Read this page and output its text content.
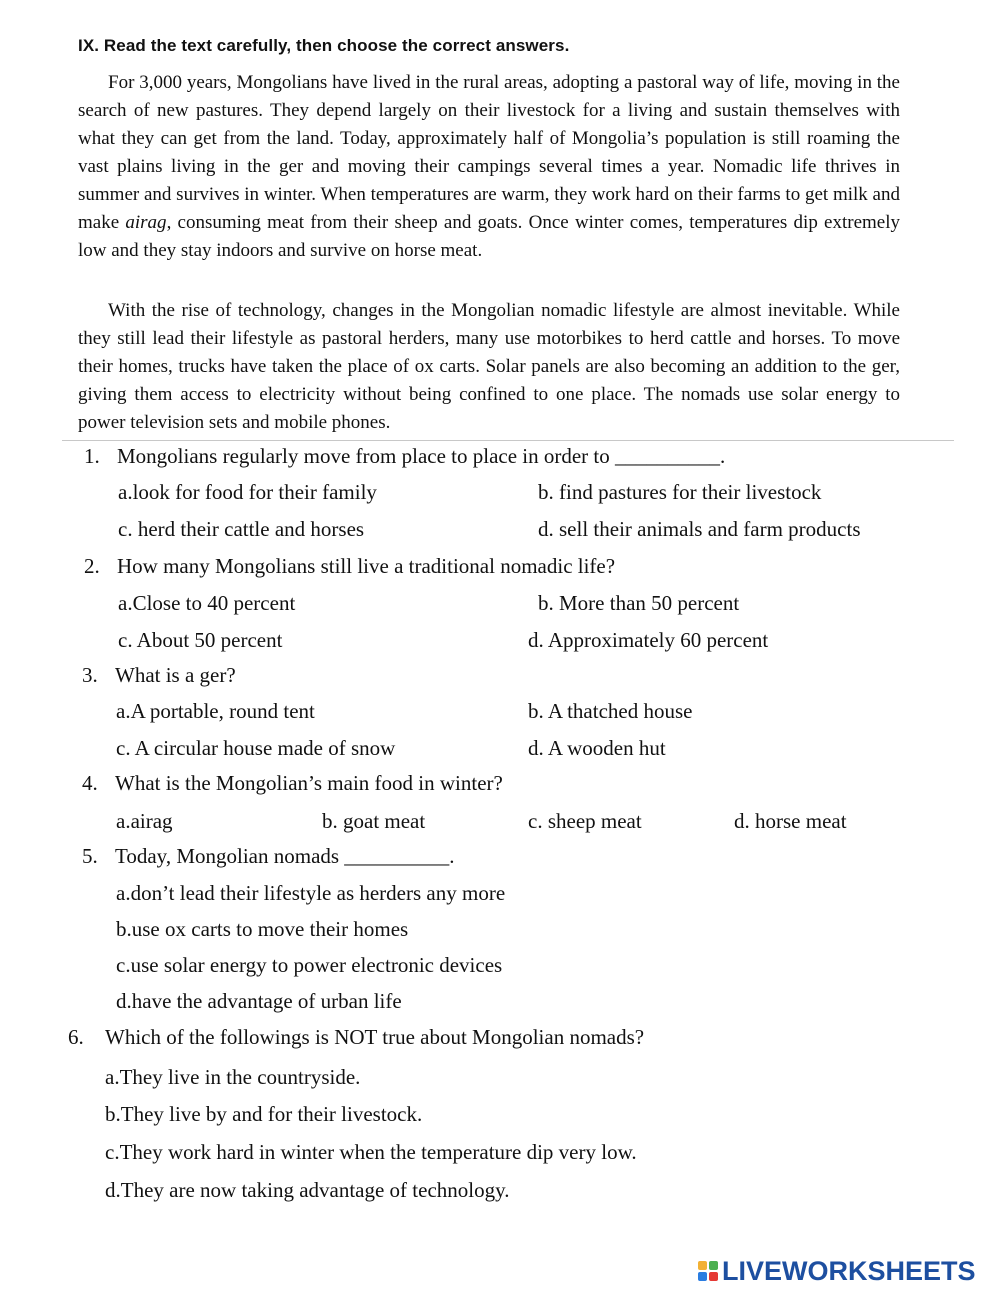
IX. Read the text carefully, then choose the correct answers.

For 3,000 years, Mongolians have lived in the rural areas, adopting a pastoral way of life, moving in the search of new pastures. They depend largely on their livestock for a living and sustain themselves with what they can get from the land. Today, approximately half of Mongolia’s population is still roaming the vast plains living in the ger and moving their campings several times a year. Nomadic life thrives in summer and survives in winter. When temperatures are warm, they work hard on their farms to get milk and make airag, consuming meat from their sheep and goats. Once winter comes, temperatures dip extremely low and they stay indoors and survive on horse meat.

With the rise of technology, changes in the Mongolian nomadic lifestyle are almost inevitable. While they still lead their lifestyle as pastoral herders, many use motorbikes to herd cattle and horses. To move their homes, trucks have taken the place of ox carts. Solar panels are also becoming an addition to the ger, giving them access to electricity without being confined to one place. The nomads use solar energy to power television sets and mobile phones.

1. Mongolians regularly move from place to place in order to __________.
a.look for food for their family	b. find pastures for their livestock
c. herd their cattle and horses	d. sell their animals and farm products
2. How many Mongolians still live a traditional nomadic life?
a.Close to 40 percent	b. More than 50 percent
c. About 50 percent	d. Approximately 60 percent
3. What is a ger?
a.A portable, round tent	b. A thatched house
c. A circular house made of snow	d. A wooden hut
4. What is the Mongolian’s main food in winter?
a.airag	b. goat meat	c. sheep meat	d. horse meat
5. Today, Mongolian nomads __________.
a.don’t lead their lifestyle as herders any more
b.use ox carts to move their homes
c.use solar energy to power electronic devices
d.have the advantage of urban life
6. Which of the followings is NOT true about Mongolian nomads?
a.They live in the countryside.
b.They live by and for their livestock.
c.They work hard in winter when the temperature dip very low.
d.They are now taking advantage of technology.
LIVEWORKSHEETS
